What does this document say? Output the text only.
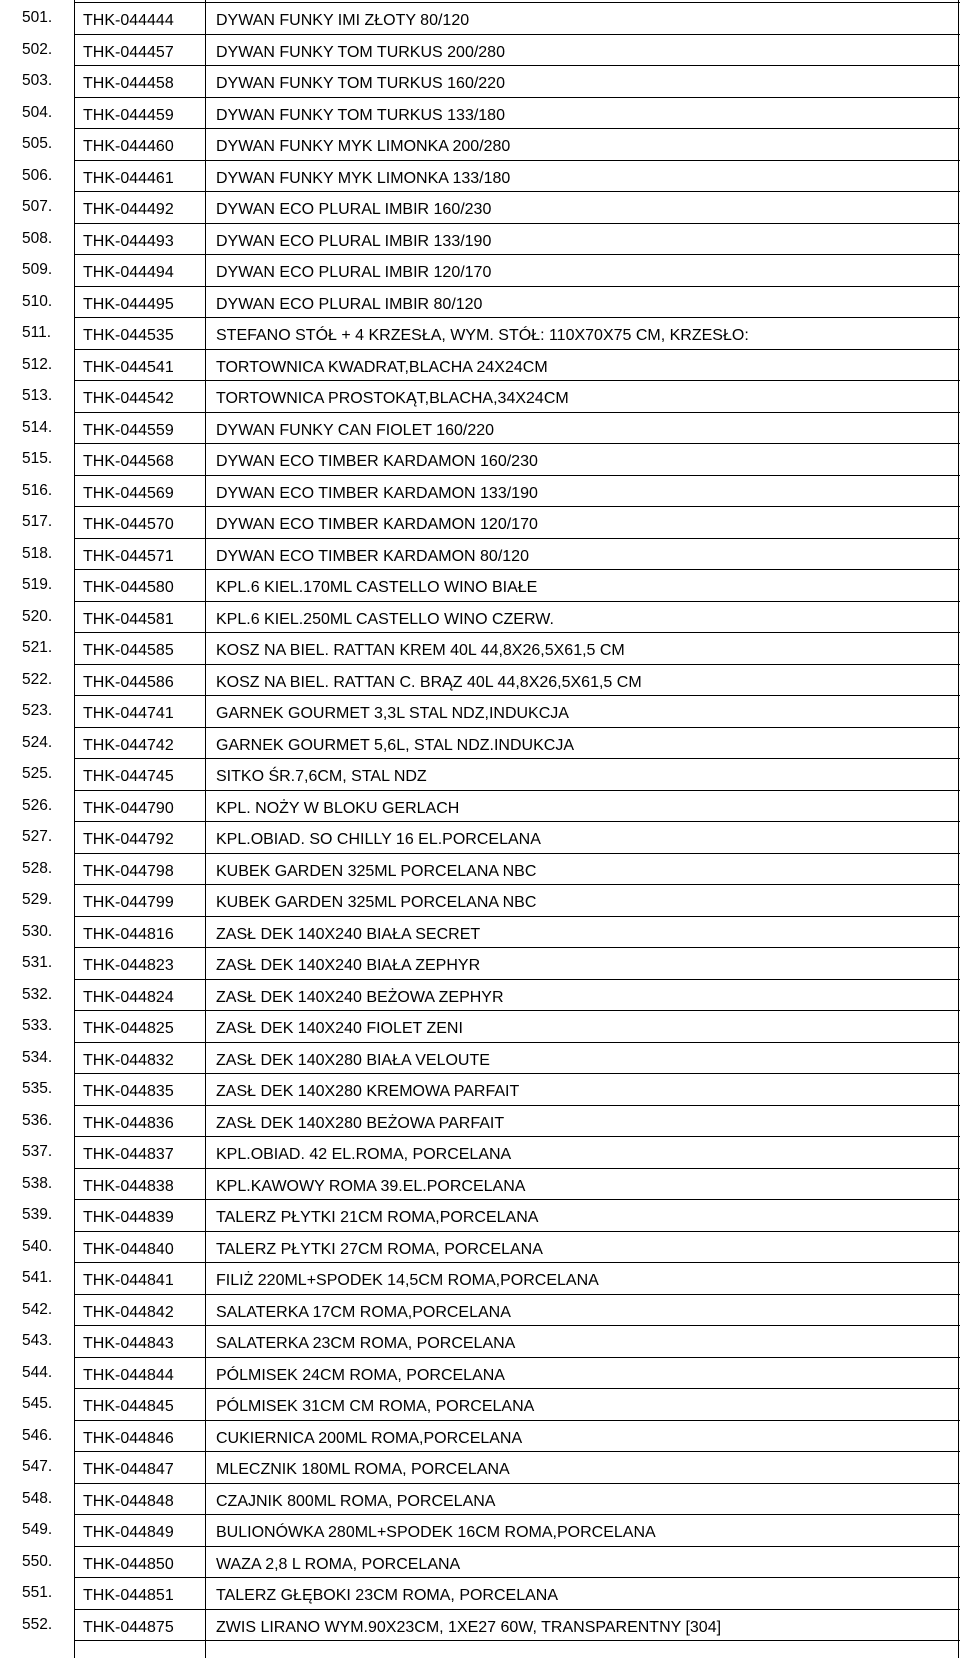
501. THK-044444	DYWAN FUNKY IMI ZŁOTY 80/120
502. THK-044457	DYWAN FUNKY TOM TURKUS 200/280
503. THK-044458	DYWAN FUNKY TOM TURKUS 160/220
504. THK-044459	DYWAN FUNKY TOM TURKUS 133/180
505. THK-044460	DYWAN FUNKY MYK LIMONKA 200/280
506. THK-044461	DYWAN FUNKY MYK LIMONKA 133/180
507. THK-044492	DYWAN ECO PLURAL IMBIR 160/230
508. THK-044493	DYWAN ECO PLURAL IMBIR 133/190
509. THK-044494	DYWAN ECO PLURAL IMBIR 120/170
510. THK-044495	DYWAN ECO PLURAL IMBIR 80/120
511. THK-044535	STEFANO STÓŁ + 4 KRZESŁA, WYM. STÓŁ: 110X70X75 CM, KRZESŁO:
512. THK-044541	TORTOWNICA KWADRAT,BLACHA 24X24CM
513. THK-044542	TORTOWNICA PROSTOKĄT,BLACHA,34X24CM
514. THK-044559	DYWAN FUNKY CAN FIOLET 160/220
515. THK-044568	DYWAN ECO TIMBER KARDAMON 160/230
516. THK-044569	DYWAN ECO TIMBER KARDAMON 133/190
517. THK-044570	DYWAN ECO TIMBER KARDAMON 120/170
518. THK-044571	DYWAN ECO TIMBER KARDAMON 80/120
519. THK-044580	KPL.6 KIEL.170ML CASTELLO WINO BIAŁE
520. THK-044581	KPL.6 KIEL.250ML CASTELLO WINO CZERW.
521. THK-044585	KOSZ NA BIEL. RATTAN KREM 40L 44,8X26,5X61,5 CM
522. THK-044586	KOSZ NA BIEL. RATTAN C. BRĄZ 40L 44,8X26,5X61,5 CM
523. THK-044741	GARNEK GOURMET 3,3L STAL NDZ,INDUKCJA
524. THK-044742	GARNEK GOURMET 5,6L, STAL NDZ.INDUKCJA
525. THK-044745	SITKO ŚR.7,6CM, STAL NDZ
526. THK-044790	KPL. NOŻY W BLOKU GERLACH
527. THK-044792	KPL.OBIAD. SO CHILLY 16 EL.PORCELANA
528. THK-044798	KUBEK GARDEN 325ML PORCELANA NBC
529. THK-044799	KUBEK GARDEN 325ML PORCELANA NBC
530. THK-044816	ZASŁ DEK 140X240 BIAŁA SECRET
531. THK-044823	ZASŁ DEK 140X240 BIAŁA ZEPHYR
532. THK-044824	ZASŁ DEK 140X240 BEŻOWA ZEPHYR
533. THK-044825	ZASŁ DEK 140X240 FIOLET ZENI
534. THK-044832	ZASŁ DEK 140X280 BIAŁA VELOUTE
535. THK-044835	ZASŁ DEK 140X280 KREMOWA PARFAIT
536. THK-044836	ZASŁ DEK 140X280 BEŻOWA PARFAIT
537. THK-044837	KPL.OBIAD. 42 EL.ROMA, PORCELANA
538. THK-044838	KPL.KAWOWY ROMA 39.EL.PORCELANA
539. THK-044839	TALERZ PŁYTKI 21CM ROMA,PORCELANA
540. THK-044840	TALERZ PŁYTKI 27CM ROMA, PORCELANA
541. THK-044841	FILIŻ 220ML+SPODEK 14,5CM ROMA,PORCELANA
542. THK-044842	SALATERKA 17CM ROMA,PORCELANA
543. THK-044843	SALATERKA 23CM ROMA, PORCELANA
544. THK-044844	PÓLMISEK 24CM ROMA, PORCELANA
545. THK-044845	PÓLMISEK 31CM CM ROMA, PORCELANA
546. THK-044846	CUKIERNICA 200ML ROMA,PORCELANA
547. THK-044847	MLECZNIK 180ML ROMA, PORCELANA
548. THK-044848	CZAJNIK 800ML ROMA, PORCELANA
549. THK-044849	BULIONÓWKA 280ML+SPODEK 16CM ROMA,PORCELANA
550. THK-044850	WAZA 2,8 L ROMA, PORCELANA
551. THK-044851	TALERZ GŁĘBOKI 23CM ROMA, PORCELANA
552. THK-044875	ZWIS LIRANO WYM.90X23CM, 1XE27 60W, TRANSPARENTNY [304]
